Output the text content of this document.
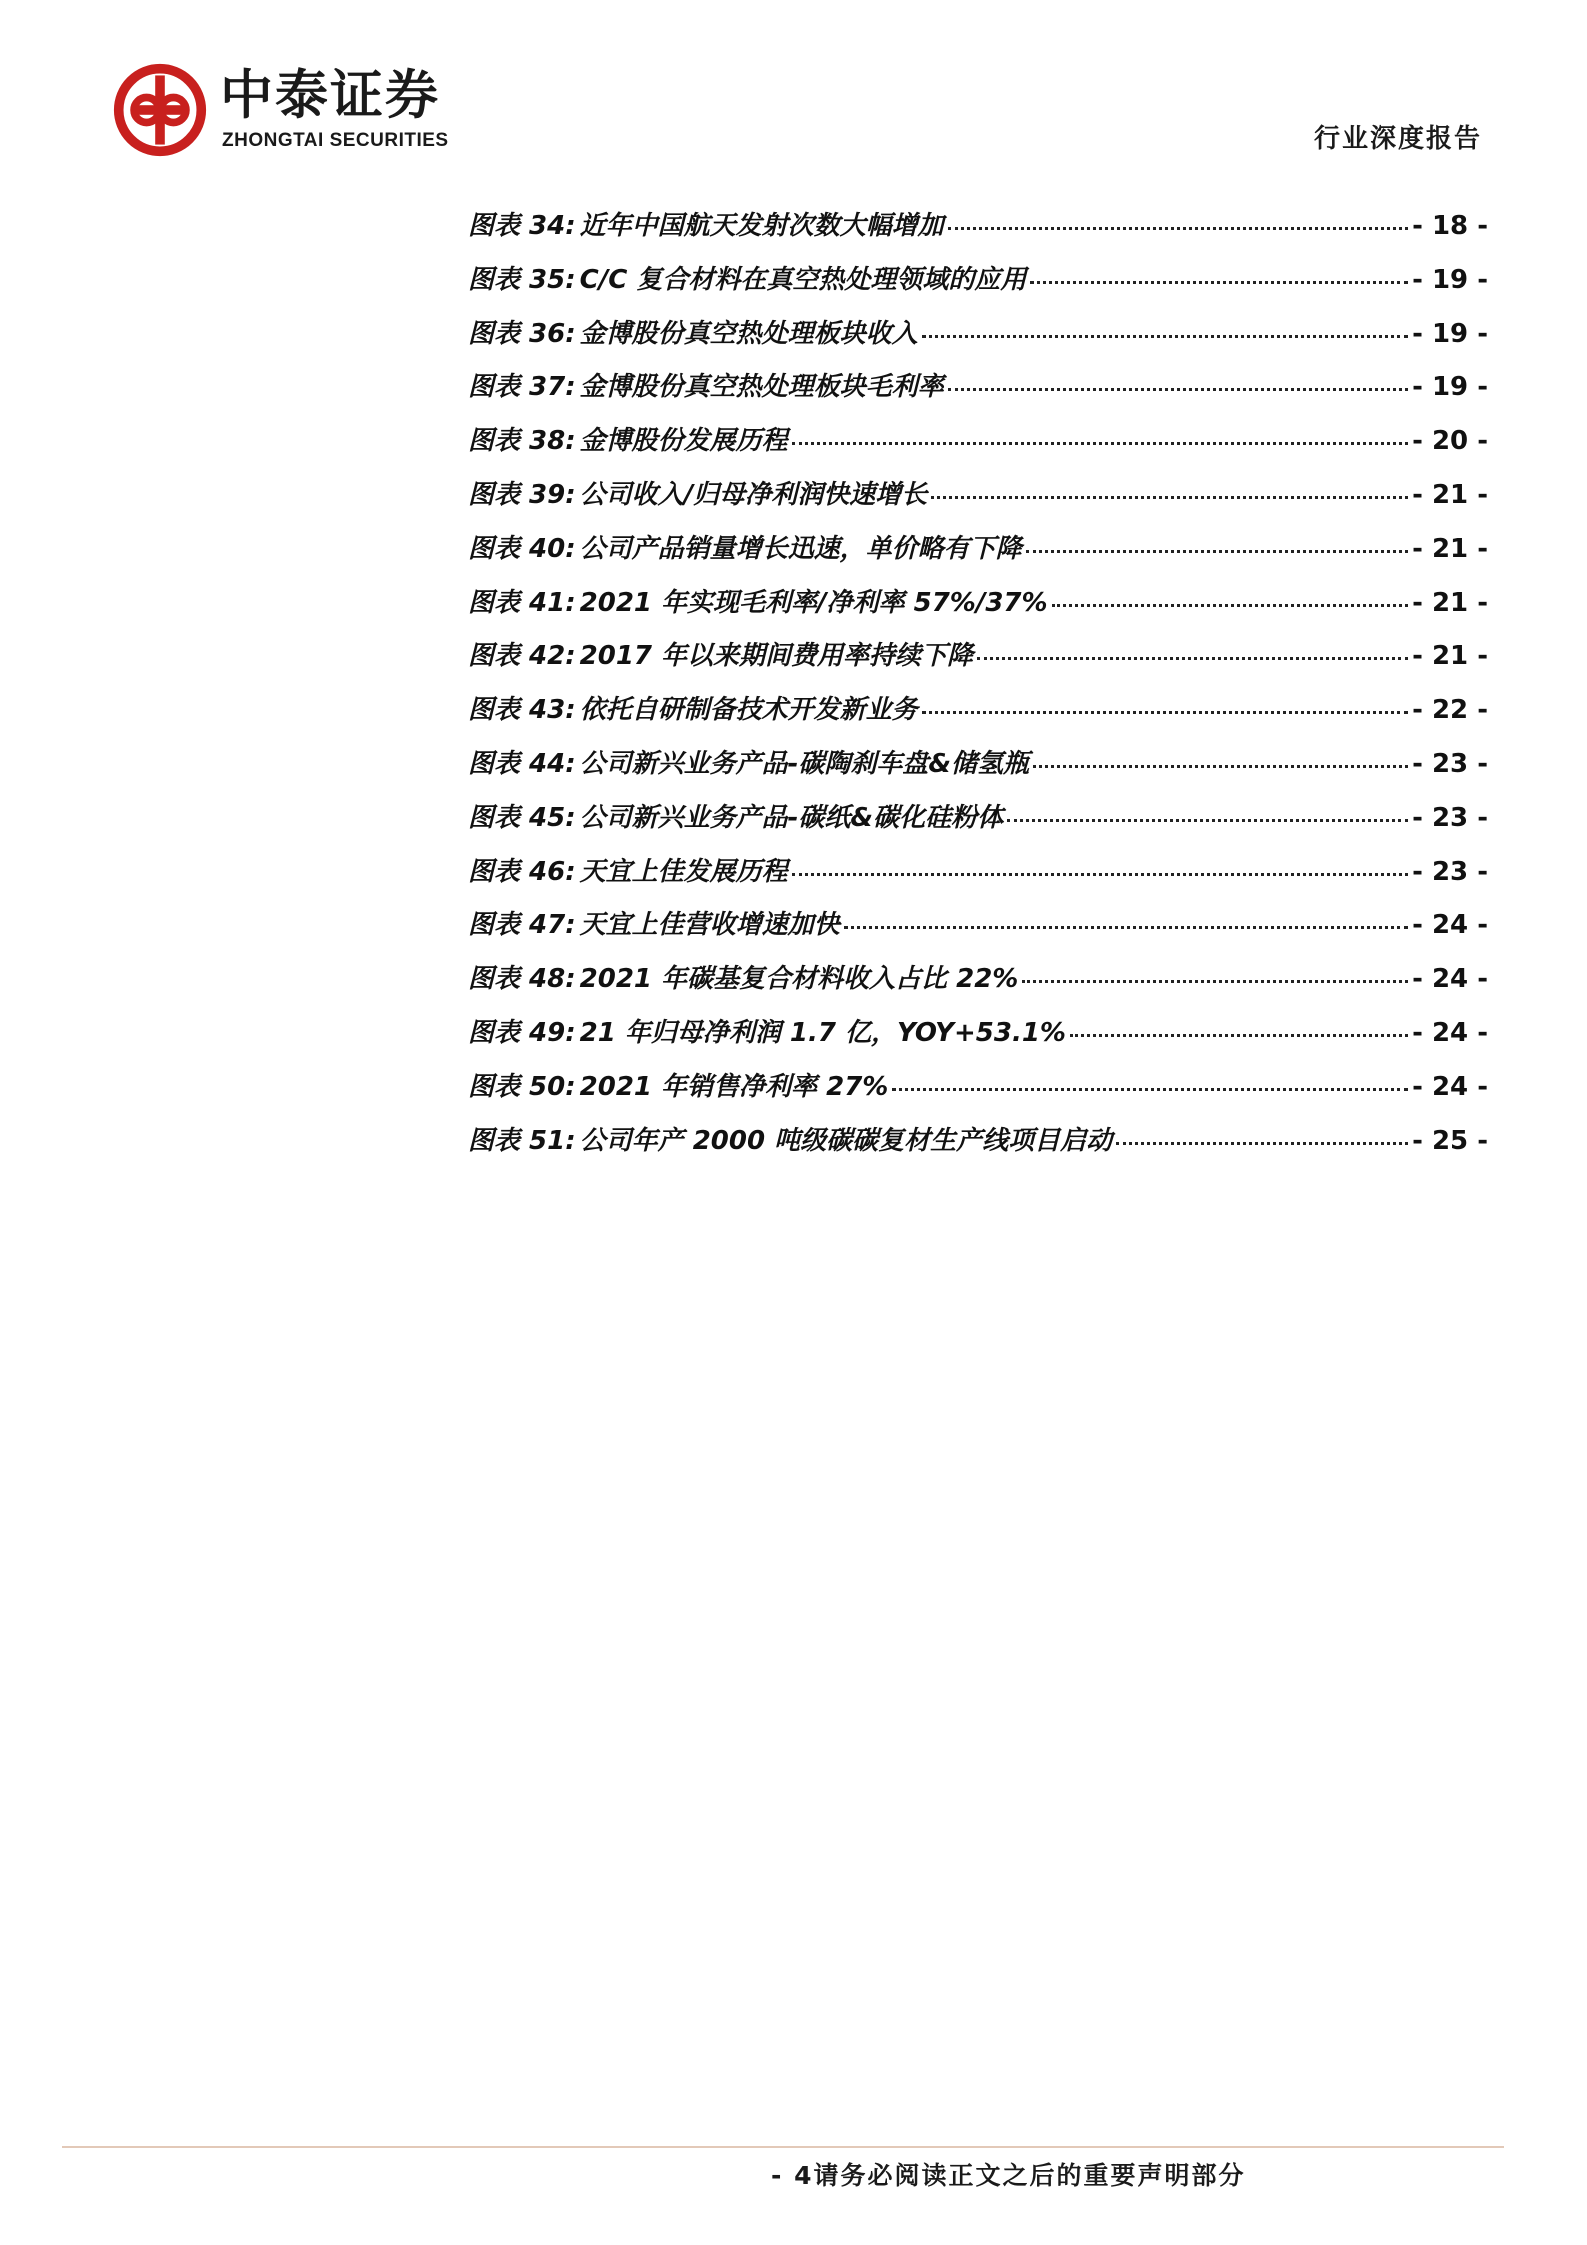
中泰证券
ZHONGTAI SECURITIES	行业深度报告
图表 34: 近年中国航天发射次数大幅增加	- 18 -
图表 35: C/C 复合材料在真空热处理领域的应用	- 19 -
图表 36: 金博股份真空热处理板块收入	- 19 -
图表 37: 金博股份真空热处理板块毛利率	- 19 -
图表 38: 金博股份发展历程	- 20 -
图表 39: 公司收入/归母净利润快速增长	- 21 -
图表 40: 公司产品销量增长迅速，单价略有下降	- 21 -
图表 41: 2021 年实现毛利率/净利率 57%/37%	- 21 -
图表 42: 2017 年以来期间费用率持续下降	- 21 -
图表 43: 依托自研制备技术开发新业务	- 22 -
图表 44: 公司新兴业务产品-碳陶刹车盘&储氢瓶	- 23 -
图表 45: 公司新兴业务产品-碳纸&碳化硅粉体	- 23 -
图表 46: 天宜上佳发展历程	- 23 -
图表 47: 天宜上佳营收增速加快	- 24 -
图表 48: 2021 年碳基复合材料收入占比 22%	- 24 -
图表 49: 21 年归母净利润 1.7 亿，YOY+53.1%	- 24 -
图表 50: 2021 年销售净利率 27%	- 24 -
图表 51: 公司年产 2000 吨级碳碳复材生产线项目启动	- 25 -
- 4请务必阅读正文之后的重要声明部分
